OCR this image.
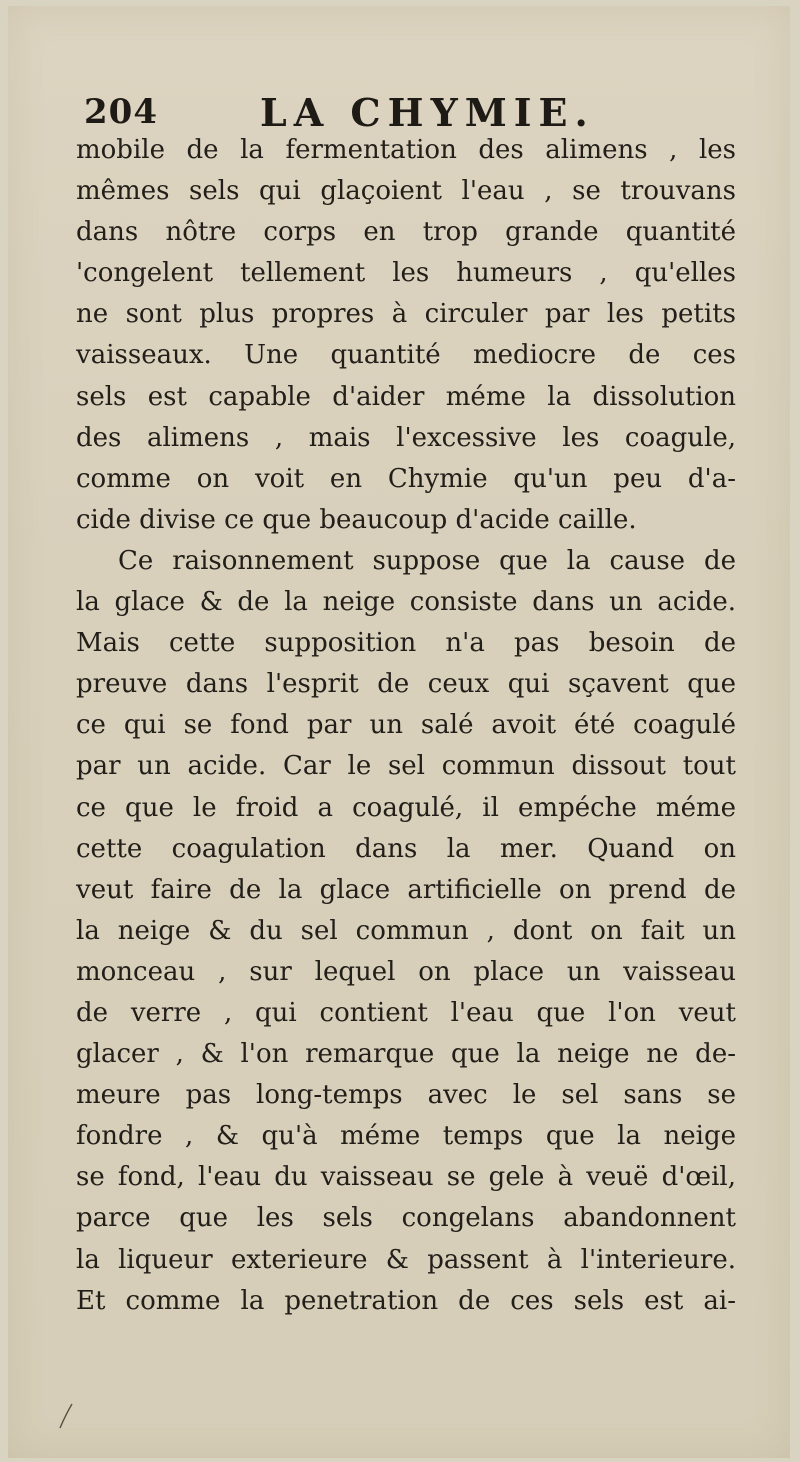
204	LA CHYMIE.
mobile de la fermentation des alimens , les
mêmes sels qui glaçoient l'eau , se trouvans
dans nôtre corps en trop grande quantité
'congelent tellement les humeurs , qu'elles
ne sont plus propres à circuler par les petits
vaisseaux. Une quantité mediocre de ces
sels est capable d'aider méme la dissolution
des alimens , mais l'excessive les coagule,
comme on voit en Chymie qu'un peu d'a-
cide divise ce que beaucoup d'acide caille.
Ce raisonnement suppose que la cause de
la glace & de la neige consiste dans un acide.
Mais cette supposition n'a pas besoin de
preuve dans l'esprit de ceux qui sçavent que
ce qui se fond par un salé avoit été coagulé
par un acide. Car le sel commun dissout tout
ce que le froid a coagulé, il empéche méme
cette coagulation dans la mer. Quand on
veut faire de la glace artificielle on prend de
la neige & du sel commun , dont on fait un
monceau , sur lequel on place un vaisseau
de verre , qui contient l'eau que l'on veut
glacer , & l'on remarque que la neige ne de-
meure pas long-temps avec le sel sans se
fondre , & qu'à méme temps que la neige
se fond, l'eau du vaisseau se gele à veuë d'œil,
parce que les sels congelans abandonnent
la liqueur exterieure & passent à l'interieure.
Et comme la penetration de ces sels est ai-
